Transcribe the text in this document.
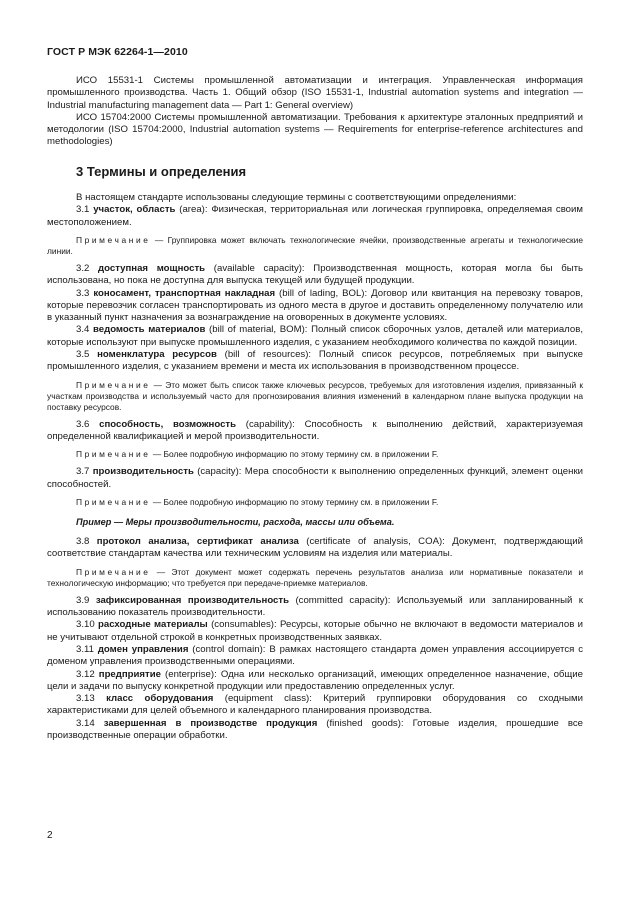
ГОСТ Р МЭК 62264-1—2010

ИСО 15531-1 Системы промышленной автоматизации и интеграция. Управленческая информация промышленного производства. Часть 1. Общий обзор (ISO 15531-1, Industrial automation systems and integration — Industrial manufacturing management data — Part 1: General overview)

ИСО 15704:2000 Системы промышленной автоматизации. Требования к архитектуре эталонных предприятий и методологии (ISO 15704:2000, Industrial automation systems — Requirements for enterprise-reference architectures and methodologies)

3 Термины и определения

В настоящем стандарте использованы следующие термины с соответствующими определениями:

3.1 участок, область (area): Физическая, территориальная или логическая группировка, определяемая своим местоположением.

Примечание — Группировка может включать технологические ячейки, производственные агрегаты и технологические линии.

3.2 доступная мощность (available capacity): Производственная мощность, которая могла бы быть использована, но пока не доступна для выпуска текущей или будущей продукции.

3.3 коносамент, транспортная накладная (bill of lading, BOL): Договор или квитанция на перевозку товаров, которые перевозчик согласен транспортировать из одного места в другое и доставить определенному получателю или в указанный пункт назначения за вознаграждение на оговоренных в документе условиях.

3.4 ведомость материалов (bill of material, BOM): Полный список сборочных узлов, деталей или материалов, которые используют при выпуске промышленного изделия, с указанием необходимого количества по каждой позиции.

3.5 номенклатура ресурсов (bill of resources): Полный список ресурсов, потребляемых при выпуске промышленного изделия, с указанием времени и места их использования в производственном процессе.

Примечание — Это может быть список также ключевых ресурсов, требуемых для изготовления изделия, привязанный к участкам производства и используемый часто для прогнозирования влияния изменений в календарном плане выпуска продукции на поставку ресурсов.

3.6 способность, возможность (capability): Способность к выполнению действий, характеризуемая определенной квалификацией и мерой производительности.

Примечание — Более подробную информацию по этому термину см. в приложении F.

3.7 производительность (capacity): Мера способности к выполнению определенных функций, элемент оценки способностей.

Примечание — Более подробную информацию по этому термину см. в приложении F.

Пример — Меры производительности, расхода, массы или объема.

3.8 протокол анализа, сертификат анализа (certificate of analysis, COA): Документ, подтверждающий соответствие стандартам качества или техническим условиям на изделия или материалы.

Примечание — Этот документ может содержать перечень результатов анализа или нормативные показатели и технологическую информацию; что требуется при передаче-приемке материалов.

3.9 зафиксированная производительность (committed capacity): Используемый или запланированный к использованию показатель производительности.

3.10 расходные материалы (consumables): Ресурсы, которые обычно не включают в ведомости материалов и не учитывают отдельной строкой в конкретных производственных заявках.

3.11 домен управления (control domain): В рамках настоящего стандарта домен управления ассоциируется с доменом управления производственными операциями.

3.12 предприятие (enterprise): Одна или несколько организаций, имеющих определенное назначение, общие цели и задачи по выпуску конкретной продукции или предоставлению определенных услуг.

3.13 класс оборудования (equipment class): Критерий группировки оборудования со сходными характеристиками для целей объемного и календарного планирования производства.

3.14 завершенная в производстве продукция (finished goods): Готовые изделия, прошедшие все производственные операции обработки.

2
